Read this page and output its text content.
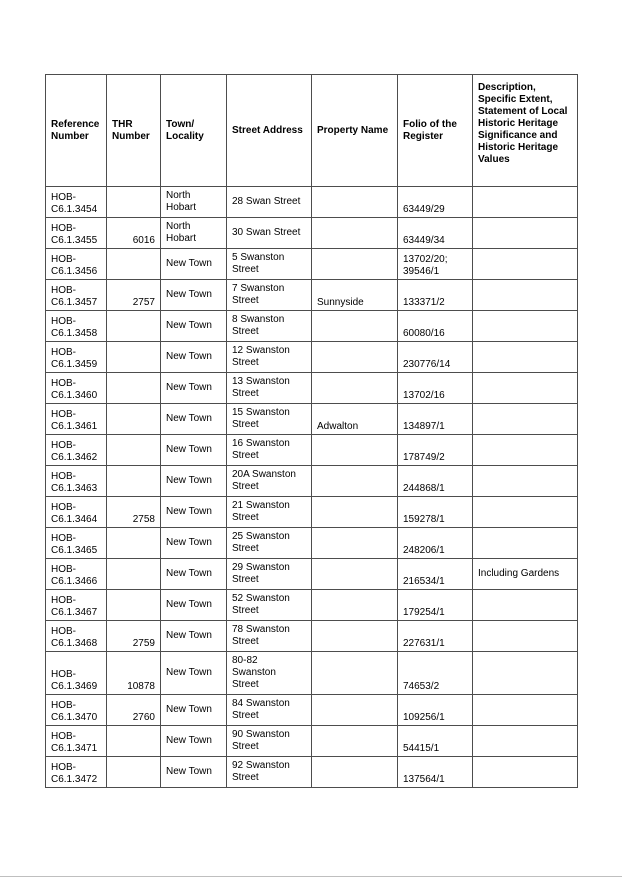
Reference Number	THR Number	Town/ Locality	Street Address	Property Name	Folio of the Register	Description, Specific Extent, Statement of Local Historic Heritage Significance and Historic Heritage Values

HOB-
C6.1.3454		North
Hobart	28 Swan Street		63449/29	

HOB-
C6.1.3455	6016	North
Hobart	30 Swan Street		63449/34	

HOB-
C6.1.3456		New Town	5 Swanston
Street		13702/20;
39546/1	

HOB-
C6.1.3457	2757	New Town	7 Swanston
Street	Sunnyside	133371/2	

HOB-
C6.1.3458		New Town	8 Swanston
Street		60080/16	

HOB-
C6.1.3459		New Town	12 Swanston
Street		230776/14	

HOB-
C6.1.3460		New Town	13 Swanston
Street		13702/16	

HOB-
C6.1.3461		New Town	15 Swanston
Street	Adwalton	134897/1	

HOB-
C6.1.3462		New Town	16 Swanston
Street		178749/2	

HOB-
C6.1.3463		New Town	20A Swanston
Street		244868/1	

HOB-
C6.1.3464	2758	New Town	21 Swanston
Street		159278/1	

HOB-
C6.1.3465		New Town	25 Swanston
Street		248206/1	

HOB-
C6.1.3466		New Town	29 Swanston
Street		216534/1	Including Gardens

HOB-
C6.1.3467		New Town	52 Swanston
Street		179254/1	

HOB-
C6.1.3468	2759	New Town	78 Swanston
Street		227631/1	

HOB-
C6.1.3469	10878	New Town	80-82
Swanston
Street		74653/2	

HOB-
C6.1.3470	2760	New Town	84 Swanston
Street		109256/1	

HOB-
C6.1.3471		New Town	90 Swanston
Street		54415/1	

HOB-
C6.1.3472		New Town	92 Swanston
Street		137564/1	
